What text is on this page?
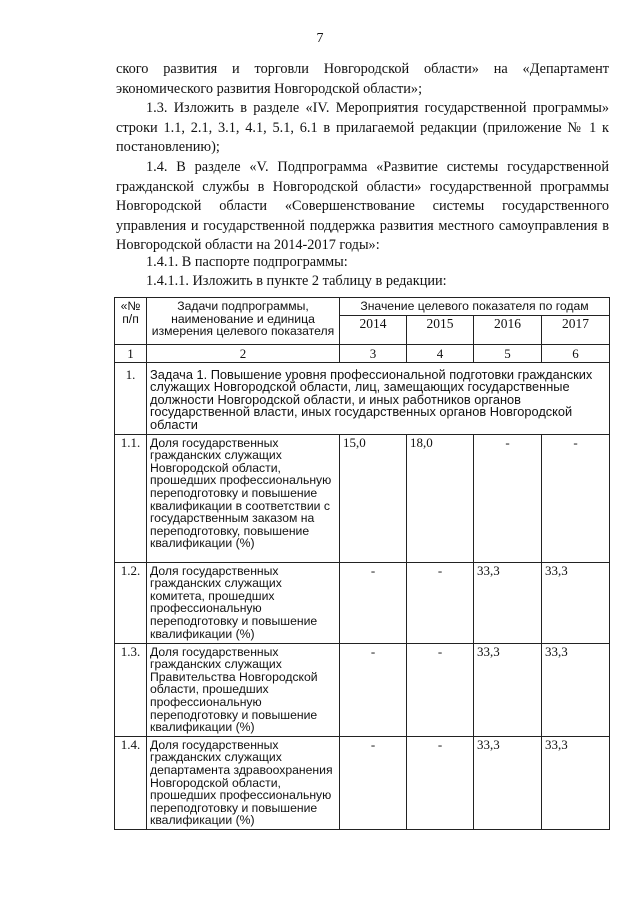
7

ского развития и торговли Новгородской области» на «Департамент экономического развития Новгородской области»;

1.3. Изложить в разделе «IV. Мероприятия государственной программы» строки 1.1, 2.1, 3.1, 4.1, 5.1, 6.1 в прилагаемой редакции (приложение № 1 к постановлению);

1.4. В разделе «V. Подпрограмма «Развитие системы государственной гражданской службы в Новгородской области» государственной программы Новгородской области «Совершенствование системы государственного управления и государственной поддержка развития местного самоуправления в Новгородской области на 2014-2017 годы»:

1.4.1. В паспорте подпрограммы:

1.4.1.1. Изложить в пункте 2 таблицу в редакции:

«№ п/п	Задачи подпрограммы, наименование и единица измерения целевого показателя	Значение целевого показателя по годам			
		2014	2015	2016	2017
1	2	3	4	5	6
1.	Задача 1. Повышение уровня профессиональной подготовки гражданских служащих Новгородской области, лиц, замещающих государственные должности Новгородской области, и иных работников органов государственной власти, иных государственных органов Новгородской области				
1.1.	Доля государственных гражданских служащих Новгородской области, прошедших профессиональную переподготовку и повышение квалификации в соответствии с государственным заказом на переподготовку, повышение квалификации (%)	15,0	18,0	-	-
1.2.	Доля государственных гражданских служащих комитета, прошедших профессиональную переподготовку и повышение квалификации (%)	-	-	33,3	33,3
1.3.	Доля государственных гражданских служащих Правительства Новгородской области, прошедших профессиональную переподготовку и повышение квалификации (%)	-	-	33,3	33,3
1.4.	Доля государственных гражданских служащих департамента здравоохранения Новгородской области, прошедших профессиональную переподготовку и повышение квалификации (%)	-	-	33,3	33,3
